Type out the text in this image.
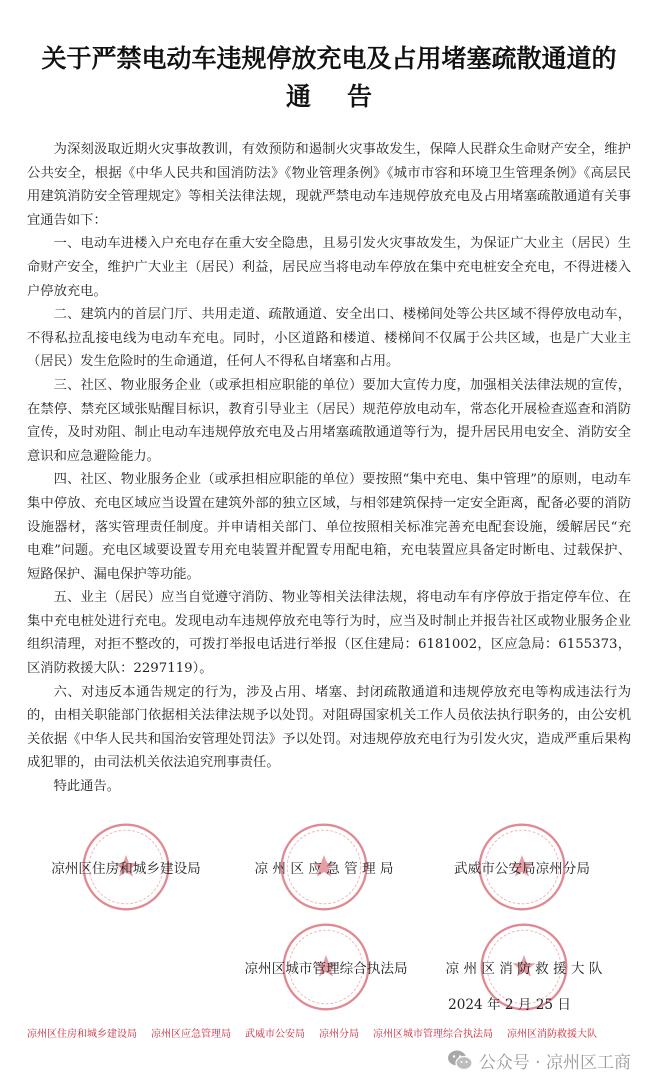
关于严禁电动车违规停放充电及占用堵塞疏散通道的
通 告

为深刻汲取近期火灾事故教训，有效预防和遏制火灾事故发生，保障人民群众生命财产安全，维护公共安全，根据《中华人民共和国消防法》《物业管理条例》《城市市容和环境卫生管理条例》《高层民用建筑消防安全管理规定》等相关法律法规，现就严禁电动车违规停放充电及占用堵塞疏散通道有关事宜通告如下：

一、电动车进楼入户充电存在重大安全隐患，且易引发火灾事故发生，为保证广大业主（居民）生命财产安全，维护广大业主（居民）利益，居民应当将电动车停放在集中充电桩安全充电，不得进楼入户停放充电。

二、建筑内的首层门厅、共用走道、疏散通道、安全出口、楼梯间处等公共区域不得停放电动车，不得私拉乱接电线为电动车充电。同时，小区道路和楼道、楼梯间不仅属于公共区域，也是广大业主（居民）发生危险时的生命通道，任何人不得私自堵塞和占用。

三、社区、物业服务企业（或承担相应职能的单位）要加大宣传力度，加强相关法律法规的宣传，在禁停、禁充区域张贴醒目标识，教育引导业主（居民）规范停放电动车，常态化开展检查巡查和消防宣传，及时劝阻、制止电动车违规停放充电及占用堵塞疏散通道等行为，提升居民用电安全、消防安全意识和应急避险能力。

四、社区、物业服务企业（或承担相应职能的单位）要按照“集中充电、集中管理”的原则，电动车集中停放、充电区域应当设置在建筑外部的独立区域，与相邻建筑保持一定安全距离，配备必要的消防设施器材，落实管理责任制度。并申请相关部门、单位按照相关标准完善充电配套设施，缓解居民“充电难”问题。充电区域要设置专用充电装置并配置专用配电箱，充电装置应具备定时断电、过载保护、短路保护、漏电保护等功能。

五、业主（居民）应当自觉遵守消防、物业等相关法律法规，将电动车有序停放于指定停车位、在集中充电桩处进行充电。发现电动车违规停放充电等行为时，应当及时制止并报告社区或物业服务企业组织清理，对拒不整改的，可拨打举报电话进行举报（区住建局：6181002，区应急局：6155373，区消防救援大队：2297119）。

六、对违反本通告规定的行为，涉及占用、堵塞、封闭疏散通道和违规停放充电等构成违法行为的，由相关职能部门依据相关法律法规予以处罚。对阻碍国家机关工作人员依法执行职务的，由公安机关依据《中华人民共和国治安管理处罚法》予以处罚。对违规停放充电行为引发火灾，造成严重后果构成犯罪的，由司法机关依法追究刑事责任。

特此通告。

凉州区住房和城乡建设局	凉 州 区 应 急 管 理 局	武威市公安局凉州分局
凉州区城市管理综合执法局	凉 州 区 消 防 救 援 大 队
2024 年 2 月 25 日
凉州区住房和城乡建设局 凉州区应急管理局 武威市公安局 凉州分局 凉州区城市管理综合执法局 凉州区消防救援大队
公众号 · 凉州区工商
